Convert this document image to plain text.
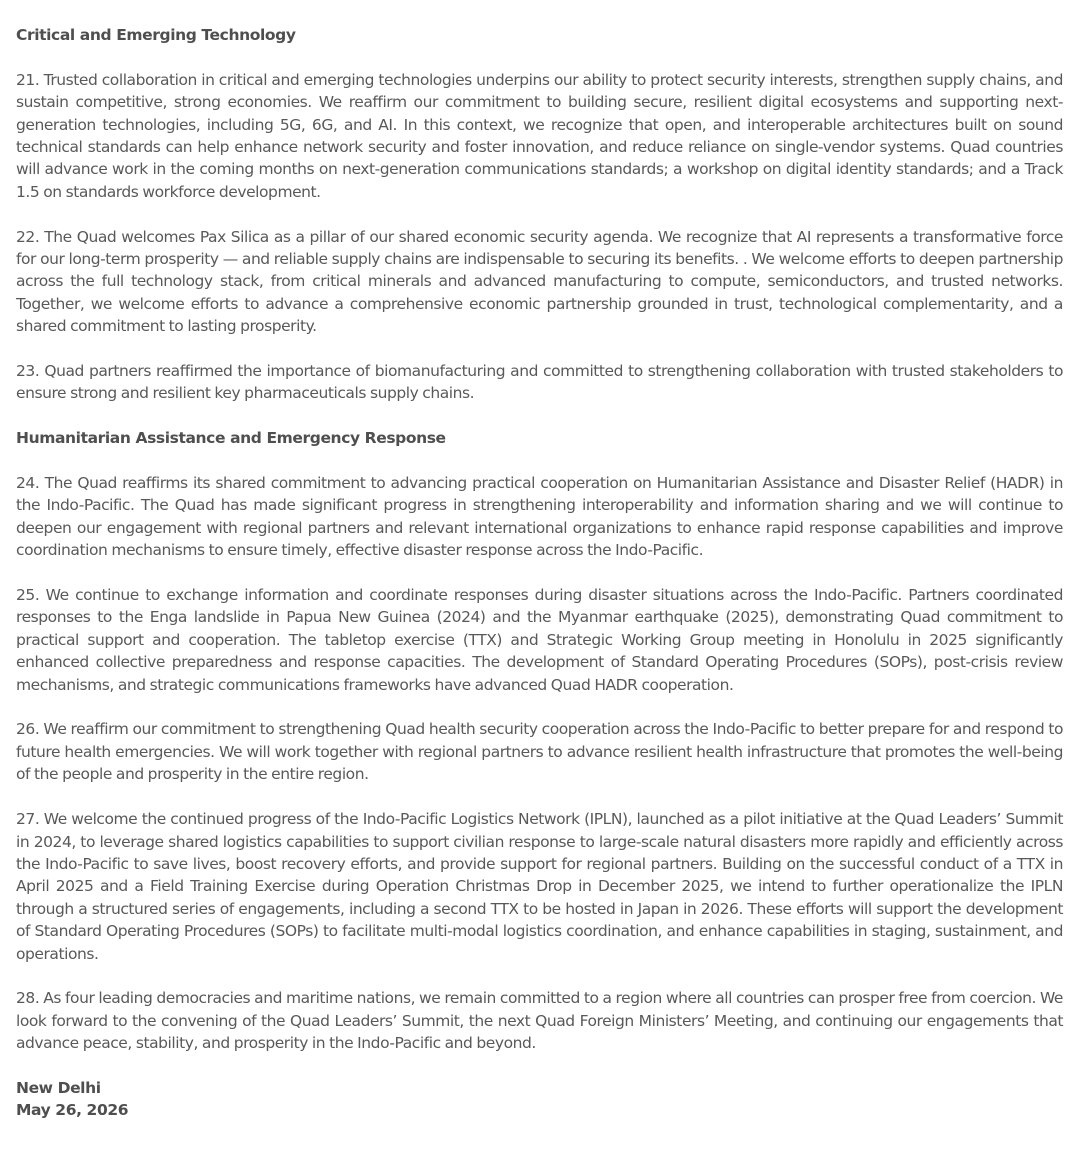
Critical and Emerging Technology

21. Trusted collaboration in critical and emerging technologies underpins our ability to protect security interests, strengthen supply chains, and sustain competitive, strong economies. We reaffirm our commitment to building secure, resilient digital ecosystems and supporting next-generation technologies, including 5G, 6G, and AI. In this context, we recognize that open, and interoperable architectures built on sound technical standards can help enhance network security and foster innovation, and reduce reliance on single-vendor systems. Quad countries will advance work in the coming months on next-generation communications standards; a workshop on digital identity standards; and a Track 1.5 on standards workforce development.

22. The Quad welcomes Pax Silica as a pillar of our shared economic security agenda. We recognize that AI represents a transformative force for our long-term prosperity — and reliable supply chains are indispensable to securing its benefits. . We welcome efforts to deepen partnership across the full technology stack, from critical minerals and advanced manufacturing to compute, semiconductors, and trusted networks. Together, we welcome efforts to advance a comprehensive economic partnership grounded in trust, technological complementarity, and a shared commitment to lasting prosperity.

23. Quad partners reaffirmed the importance of biomanufacturing and committed to strengthening collaboration with trusted stakeholders to ensure strong and resilient key pharmaceuticals supply chains.

Humanitarian Assistance and Emergency Response

24. The Quad reaffirms its shared commitment to advancing practical cooperation on Humanitarian Assistance and Disaster Relief (HADR) in the Indo-Pacific. The Quad has made significant progress in strengthening interoperability and information sharing and we will continue to deepen our engagement with regional partners and relevant international organizations to enhance rapid response capabilities and improve coordination mechanisms to ensure timely, effective disaster response across the Indo-Pacific.

25. We continue to exchange information and coordinate responses during disaster situations across the Indo-Pacific. Partners coordinated responses to the Enga landslide in Papua New Guinea (2024) and the Myanmar earthquake (2025), demonstrating Quad commitment to practical support and cooperation. The tabletop exercise (TTX) and Strategic Working Group meeting in Honolulu in 2025 significantly enhanced collective preparedness and response capacities. The development of Standard Operating Procedures (SOPs), post-crisis review mechanisms, and strategic communications frameworks have advanced Quad HADR cooperation.

26. We reaffirm our commitment to strengthening Quad health security cooperation across the Indo-Pacific to better prepare for and respond to future health emergencies. We will work together with regional partners to advance resilient health infrastructure that promotes the well-being of the people and prosperity in the entire region.

27. We welcome the continued progress of the Indo-Pacific Logistics Network (IPLN), launched as a pilot initiative at the Quad Leaders’ Summit in 2024, to leverage shared logistics capabilities to support civilian response to large-scale natural disasters more rapidly and efficiently across the Indo-Pacific to save lives, boost recovery efforts, and provide support for regional partners. Building on the successful conduct of a TTX in April 2025 and a Field Training Exercise during Operation Christmas Drop in December 2025, we intend to further operationalize the IPLN through a structured series of engagements, including a second TTX to be hosted in Japan in 2026. These efforts will support the development of Standard Operating Procedures (SOPs) to facilitate multi-modal logistics coordination, and enhance capabilities in staging, sustainment, and operations.

28. As four leading democracies and maritime nations, we remain committed to a region where all countries can prosper free from coercion. We look forward to the convening of the Quad Leaders’ Summit, the next Quad Foreign Ministers’ Meeting, and continuing our engagements that advance peace, stability, and prosperity in the Indo-Pacific and beyond.

New Delhi
May 26, 2026
